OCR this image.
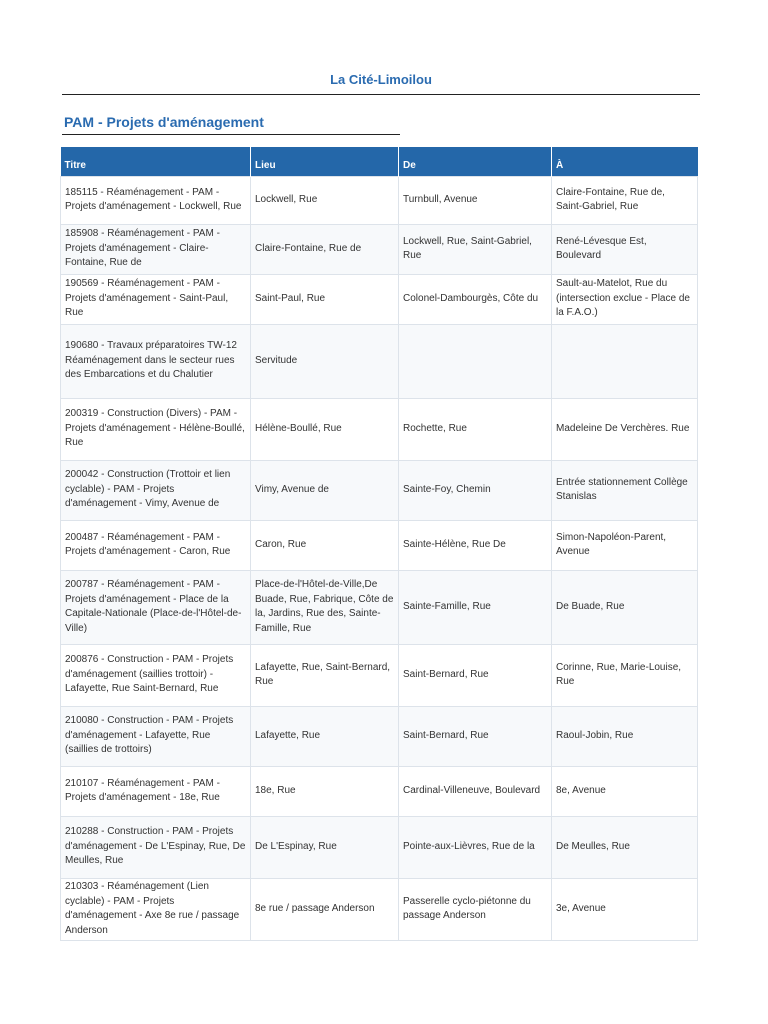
La Cité-Limoilou
PAM - Projets d'aménagement
Titre	Lieu	De	À
185115 - Réaménagement - PAM - Projets d'aménagement - Lockwell, Rue	Lockwell, Rue	Turnbull, Avenue	Claire-Fontaine, Rue de, Saint-Gabriel, Rue
185908 - Réaménagement - PAM - Projets d'aménagement - Claire-Fontaine, Rue de	Claire-Fontaine, Rue de	Lockwell, Rue, Saint-Gabriel, Rue	René-Lévesque Est, Boulevard
190569 - Réaménagement - PAM - Projets d'aménagement - Saint-Paul, Rue	Saint-Paul, Rue	Colonel-Dambourgès, Côte du	Sault-au-Matelot, Rue du (intersection exclue - Place de la F.A.O.)
190680 - Travaux préparatoires TW-12 Réaménagement dans le secteur rues des Embarcations et du Chalutier	Servitude		
200319 - Construction (Divers) - PAM - Projets d'aménagement - Hélène-Boullé, Rue	Hélène-Boullé, Rue	Rochette, Rue	Madeleine De Verchères. Rue
200042 - Construction (Trottoir et lien cyclable) - PAM - Projets d'aménagement - Vimy, Avenue de	Vimy, Avenue de	Sainte-Foy, Chemin	Entrée stationnement Collège Stanislas
200487 - Réaménagement - PAM - Projets d'aménagement - Caron, Rue	Caron, Rue	Sainte-Hélène, Rue De	Simon-Napoléon-Parent, Avenue
200787 - Réaménagement - PAM - Projets d'aménagement - Place de la Capitale-Nationale (Place-de-l'Hôtel-de-Ville)	Place-de-l'Hôtel-de-Ville,De Buade, Rue, Fabrique, Côte de la, Jardins, Rue des, Sainte-Famille, Rue	Sainte-Famille, Rue	De Buade, Rue
200876 - Construction - PAM - Projets d'aménagement (saillies trottoir) - Lafayette, Rue Saint-Bernard, Rue	Lafayette, Rue, Saint-Bernard, Rue	Saint-Bernard, Rue	Corinne, Rue, Marie-Louise, Rue
210080 - Construction - PAM - Projets d'aménagement - Lafayette, Rue (saillies de trottoirs)	Lafayette, Rue	Saint-Bernard, Rue	Raoul-Jobin, Rue
210107 - Réaménagement - PAM - Projets d'aménagement - 18e, Rue	18e, Rue	Cardinal-Villeneuve, Boulevard	8e, Avenue
210288 - Construction - PAM - Projets d'aménagement - De L'Espinay, Rue, De Meulles, Rue	De L'Espinay, Rue	Pointe-aux-Lièvres, Rue de la	De Meulles, Rue
210303 - Réaménagement (Lien cyclable) - PAM - Projets d'aménagement - Axe 8e rue / passage Anderson	8e rue / passage Anderson	Passerelle cyclo-piétonne du passage Anderson	3e, Avenue
